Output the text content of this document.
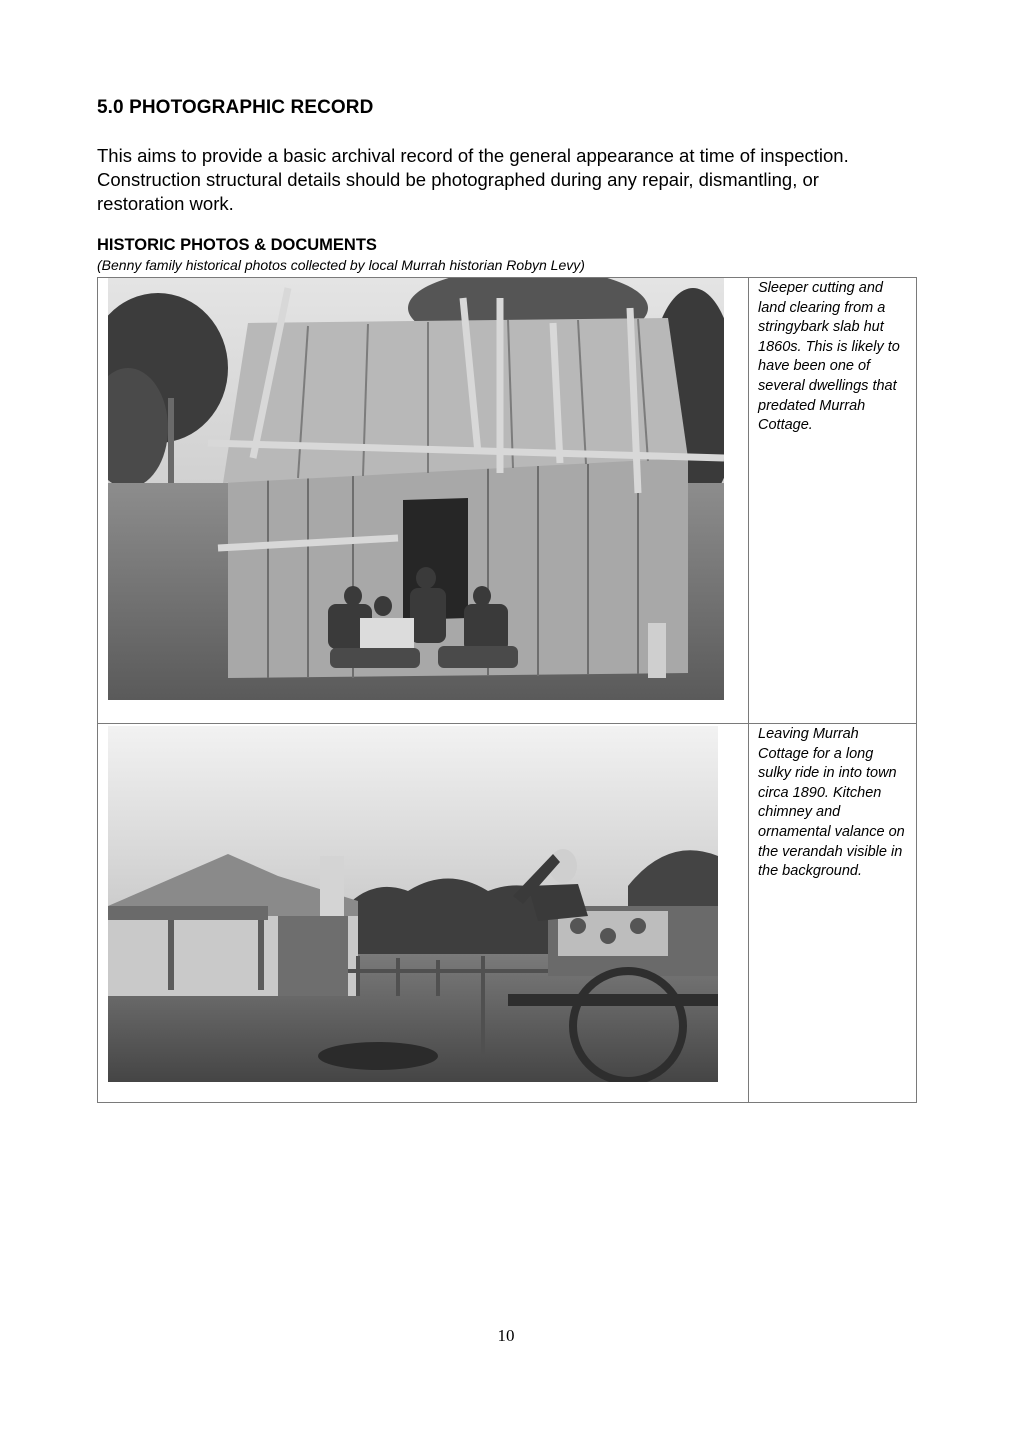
5.0 PHOTOGRAPHIC RECORD

This aims to provide a basic archival record of the general appearance at time of inspection. Construction structural details should be photographed during any repair, dismantling, or restoration work.

HISTORIC PHOTOS & DOCUMENTS

(Benny family historical photos collected by local Murrah historian Robyn Levy)

Sleeper cutting and land clearing from a stringybark slab hut 1860s. This is likely to have been one of several dwellings that predated Murrah Cottage.

Leaving Murrah Cottage for a long sulky ride in into town circa 1890. Kitchen chimney and ornamental valance on the verandah visible in the background.

10
